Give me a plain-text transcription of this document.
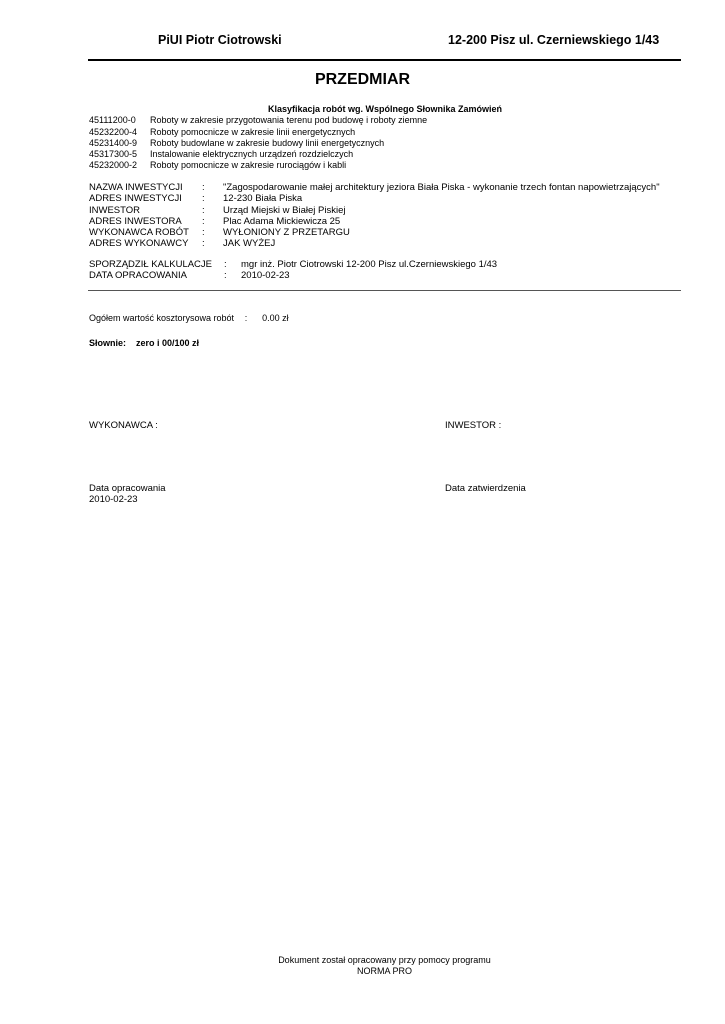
PiUI Piotr Ciotrowski	12-200 Pisz ul. Czerniewskiego 1/43
PRZEDMIAR
Klasyfikacja robót wg. Wspólnego Słownika Zamówień
45111200-0 Roboty w zakresie przygotowania terenu pod budowę i roboty ziemne
45232200-4 Roboty pomocnicze w zakresie linii energetycznych
45231400-9 Roboty budowlane w zakresie budowy linii energetycznych
45317300-5 Instalowanie elektrycznych urządzeń rozdzielczych
45232000-2 Roboty pomocnicze w zakresie rurociągów i kabli
NAZWA INWESTYCJI : "Zagospodarowanie małej architektury jeziora Biała Piska - wykonanie trzech fontan napowietrzających"
ADRES INWESTYCJI : 12-230 Biała Piska
INWESTOR	: Urząd Miejski w Białej Piskiej
ADRES INWESTORA : Plac Adama Mickiewicza 25
WYKONAWCA ROBÓT : WYŁONIONY Z PRZETARGU
ADRES WYKONAWCY : JAK WYŻEJ
SPORZĄDZIŁ KALKULACJE : mgr inż. Piotr Ciotrowski 12-200 Pisz ul.Czerniewskiego 1/43
DATA OPRACOWANIA	: 2010-02-23
Ogółem wartość kosztorysowa robót : 0.00 zł
Słownie: zero i 00/100 zł
WYKONAWCA :	INWESTOR :
Data opracowania
2010-02-23
Data zatwierdzenia
Dokument został opracowany przy pomocy programu
NORMA PRO
